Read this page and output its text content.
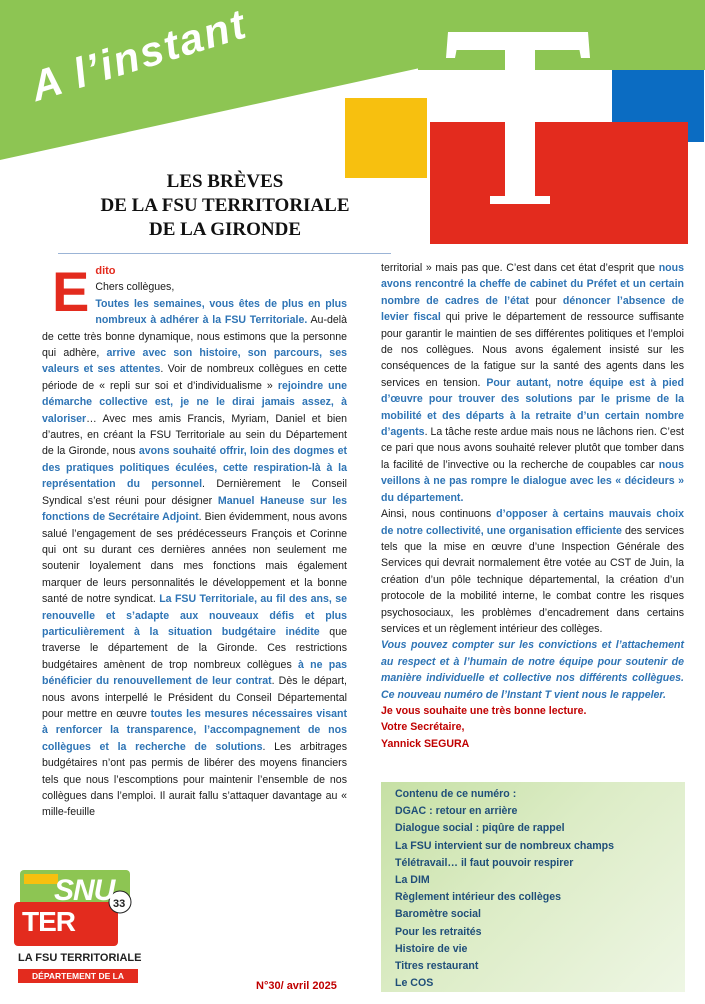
A l’instant
LES BRÈVES
DE LA FSU TERRITORIALE
DE LA GIRONDE
E dito
Chers collègues,
Toutes les semaines, vous êtes de plus en plus nombreux à adhérer à la FSU Territoriale. Au-delà de cette très bonne dynamique, nous estimons que la personne qui adhère, arrive avec son histoire, son parcours, ses valeurs et ses attentes. Voir de nombreux collègues en cette période de « repli sur soi et d’individualisme » rejoindre une démarche collective est, je ne le dirai jamais assez, à valoriser… Avec mes amis Francis, Myriam, Daniel et bien d’autres, en créant la FSU Territoriale au sein du Département de la Gironde, nous avons souhaité offrir, loin des dogmes et des pratiques politiques éculées, cette respiration-là à la représentation du personnel. Dernièrement le Conseil Syndical s’est réuni pour désigner Manuel Haneuse sur les fonctions de Secrétaire Adjoint. Bien évidemment, nous avons salué l’engagement de ses prédécesseurs François et Corinne qui ont su durant ces dernières années non seulement me soutenir loyalement dans mes fonctions mais également marquer de leurs personnalités le développement et la bonne santé de notre syndicat. La FSU Territoriale, au fil des ans, se renouvelle et s’adapte aux nouveaux défis et plus particulièrement à la situation budgétaire inédite que traverse le département de la Gironde. Ces restrictions budgétaires amènent de trop nombreux collègues à ne pas bénéficier du renouvellement de leur contrat. Dès le départ, nous avons interpellé le Président du Conseil Départemental pour mettre en œuvre toutes les mesures nécessaires visant à renforcer la transparence, l’accompagnement de nos collègues et la recherche de solutions. Les arbitrages budgétaires n’ont pas permis de libérer des moyens financiers tels que nous l’escomptions pour maintenir l’ensemble de nos collègues dans l’emploi. Il aurait fallu s’attaquer davantage au « mille-feuille
territorial » mais pas que. C’est dans cet état d’esprit que nous avons rencontré la cheffe de cabinet du Préfet et un certain nombre de cadres de l’état pour dénoncer l’absence de levier fiscal qui prive le département de ressource suffisante pour garantir le maintien de ses différentes politiques et l’emploi de nos collègues. Nous avons également insisté sur les conséquences de la fatigue sur la santé des agents dans les services en tension. Pour autant, notre équipe est à pied d’œuvre pour trouver des solutions par le prisme de la mobilité et des départs à la retraite d’un certain nombre d’agents. La tâche reste ardue mais nous ne lâchons rien. C’est ce pari que nous avons souhaité relever plutôt que tomber dans la facilité de l’invective ou la recherche de coupables car nous veillons à ne pas rompre le dialogue avec les « décideurs » du département.
Ainsi, nous continuons d’opposer à certains mauvais choix de notre collectivité, une organisation efficiente des services tels que la mise en œuvre d’une Inspection Générale des Services qui devrait normalement être votée au CST de Juin, la création d’un pôle technique départemental, la création d’un protocole de la mobilité interne, le combat contre les risques psychosociaux, les problèmes d’encadrement dans certains services et un règlement intérieur des collèges.
Vous pouvez compter sur les convictions et l’attachement au respect et à l’humain de notre équipe pour soutenir de manière individuelle et collective nos différents collègues. Ce nouveau numéro de l’Instant T vient nous le rappeler.
Je vous souhaite une très bonne lecture.
Votre Secrétaire,
Yannick SEGURA
Contenu de ce numéro :
DGAC : retour en arrière
Dialogue social : piqûre de rappel
La FSU intervient sur de nombreux champs
Télétravail… il faut pouvoir respirer
La DIM
Règlement intérieur des collèges
Baromètre social
Pour les retraités
Histoire de vie
Titres restaurant
Le COS
SNU
TER
33
LA FSU TERRITORIALE
DÉPARTEMENT DE LA GIRONDE	N°30/ avril 2025
